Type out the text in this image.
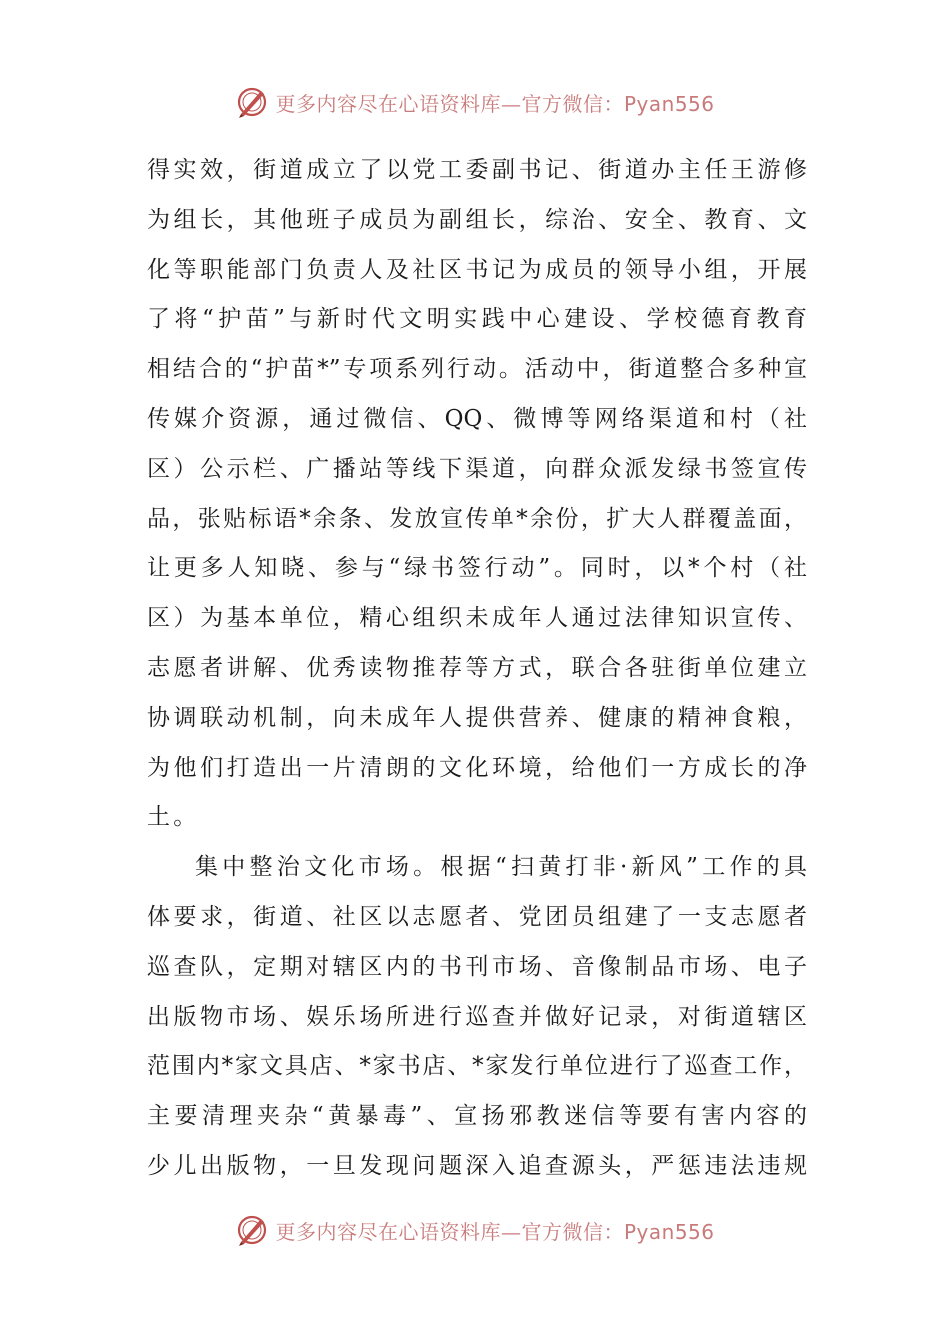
更多内容尽在心语资料库—官方微信：Pyan556
得实效，街道成立了以党工委副书记、街道办主任王游修
为组长，其他班子成员为副组长，综治、安全、教育、文
化等职能部门负责人及社区书记为成员的领导小组，开展
了将“护苗”与新时代文明实践中心建设、学校德育教育
相结合的“护苗*”专项系列行动。活动中，街道整合多种宣
传媒介资源，通过微信、QQ、微博等网络渠道和村（社
区）公示栏、广播站等线下渠道，向群众派发绿书签宣传
品，张贴标语*余条、发放宣传单*余份，扩大人群覆盖面，
让更多人知晓、参与“绿书签行动”。同时，以*个村（社
区）为基本单位，精心组织未成年人通过法律知识宣传、
志愿者讲解、优秀读物推荐等方式，联合各驻街单位建立
协调联动机制，向未成年人提供营养、健康的精神食粮，
为他们打造出一片清朗的文化环境，给他们一方成长的净
土。
集中整治文化市场。根据“扫黄打非·新风”工作的具
体要求，街道、社区以志愿者、党团员组建了一支志愿者
巡查队，定期对辖区内的书刊市场、音像制品市场、电子
出版物市场、娱乐场所进行巡查并做好记录，对街道辖区
范围内*家文具店、*家书店、*家发行单位进行了巡查工作，
主要清理夹杂“黄暴毒”、宣扬邪教迷信等要有害内容的
少儿出版物，一旦发现问题深入追查源头，严惩违法违规
更多内容尽在心语资料库—官方微信：Pyan556
